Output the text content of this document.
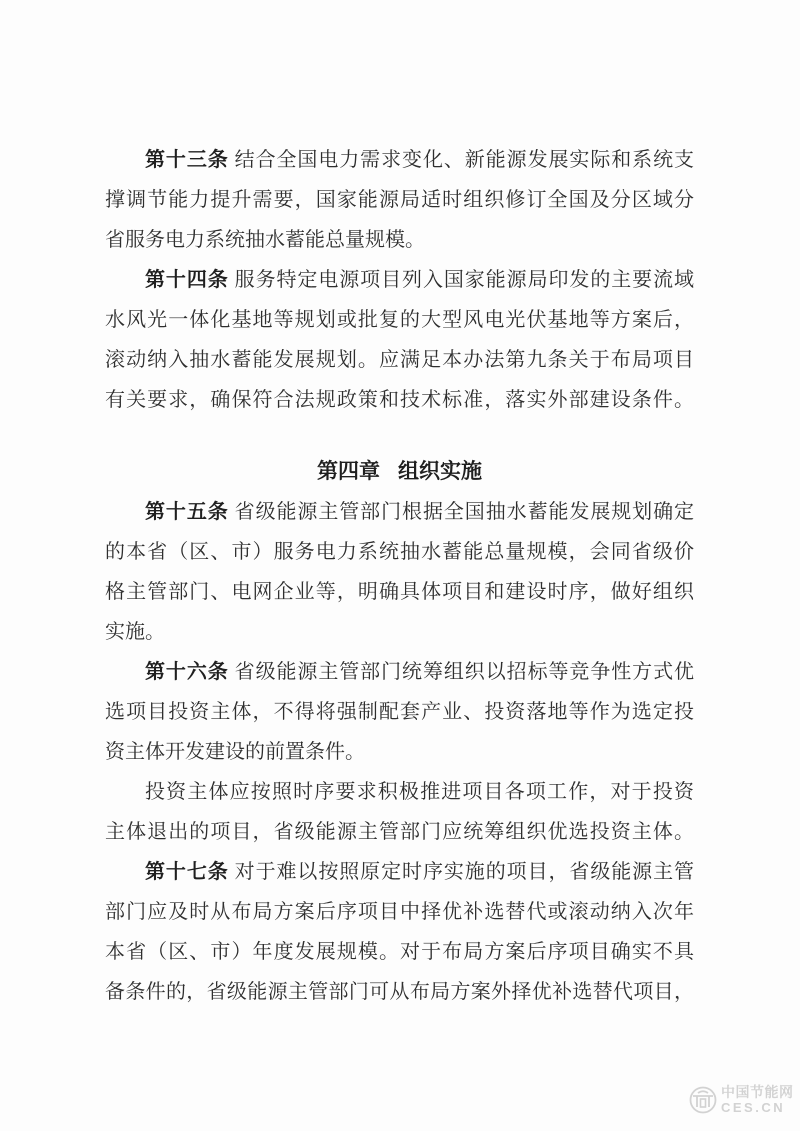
第十三条 结合全国电力需求变化、新能源发展实际和系统支
撑调节能力提升需要，国家能源局适时组织修订全国及分区域分
省服务电力系统抽水蓄能总量规模。
第十四条 服务特定电源项目列入国家能源局印发的主要流域
水风光一体化基地等规划或批复的大型风电光伏基地等方案后，
滚动纳入抽水蓄能发展规划。应满足本办法第九条关于布局项目
有关要求，确保符合法规政策和技术标准，落实外部建设条件。
第四章 组织实施
第十五条 省级能源主管部门根据全国抽水蓄能发展规划确定
的本省（区、市）服务电力系统抽水蓄能总量规模，会同省级价
格主管部门、电网企业等，明确具体项目和建设时序，做好组织
实施。
第十六条 省级能源主管部门统筹组织以招标等竞争性方式优
选项目投资主体，不得将强制配套产业、投资落地等作为选定投
资主体开发建设的前置条件。
投资主体应按照时序要求积极推进项目各项工作，对于投资
主体退出的项目，省级能源主管部门应统筹组织优选投资主体。
第十七条 对于难以按照原定时序实施的项目，省级能源主管
部门应及时从布局方案后序项目中择优补选替代或滚动纳入次年
本省（区、市）年度发展规模。对于布局方案后序项目确实不具
备条件的，省级能源主管部门可从布局方案外择优补选替代项目，
中国节能网
CES.CN
